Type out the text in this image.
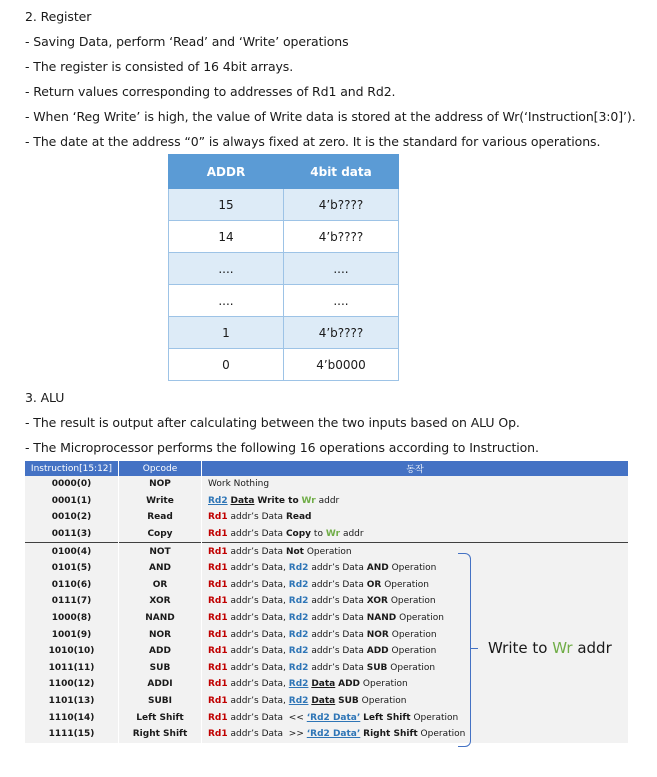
2. Register
- Saving Data, perform ‘Read’ and ‘Write’ operations
- The register is consisted of 16 4bit arrays.
- Return values corresponding to addresses of Rd1 and Rd2.
- When ‘Reg Write’ is high, the value of Write data is stored at the address of Wr(‘Instruction[3:0]’).
- The date at the address “0” is always fixed at zero. It is the standard for various operations.
ADDR	4bit data
15	4’b????
14	4’b????
....	....
....	....
1	4’b????
0	4’b0000
3. ALU
- The result is output after calculating between the two inputs based on ALU Op.
- The Microprocessor performs the following 16 operations according to Instruction.
Instruction[15:12]	Opcode	동작
0000(0)	NOP	Work Nothing
0001(1)	Write	Rd2 Data Write to Wr addr
0010(2)	Read	Rd1 addr’s Data Read
0011(3)	Copy	Rd1 addr’s Data Copy to Wr addr
0100(4)	NOT	Rd1 addr’s Data Not Operation
0101(5)	AND	Rd1 addr’s Data, Rd2 addr’s Data AND Operation
0110(6)	OR	Rd1 addr’s Data, Rd2 addr’s Data OR Operation
0111(7)	XOR	Rd1 addr’s Data, Rd2 addr’s Data XOR Operation
1000(8)	NAND	Rd1 addr’s Data, Rd2 addr’s Data NAND Operation
1001(9)	NOR	Rd1 addr’s Data, Rd2 addr’s Data NOR Operation
1010(10)	ADD	Rd1 addr’s Data, Rd2 addr’s Data ADD Operation
1011(11)	SUB	Rd1 addr’s Data, Rd2 addr’s Data SUB Operation
1100(12)	ADDI	Rd1 addr’s Data, Rd2 Data ADD Operation
1101(13)	SUBI	Rd1 addr’s Data, Rd2 Data SUB Operation
1110(14)	Left Shift	Rd1 addr’s Data << ‘Rd2 Data’ Left Shift Operation
1111(15)	Right Shift	Rd1 addr’s Data >> ‘Rd2 Data’ Right Shift Operation
Write to Wr addr
